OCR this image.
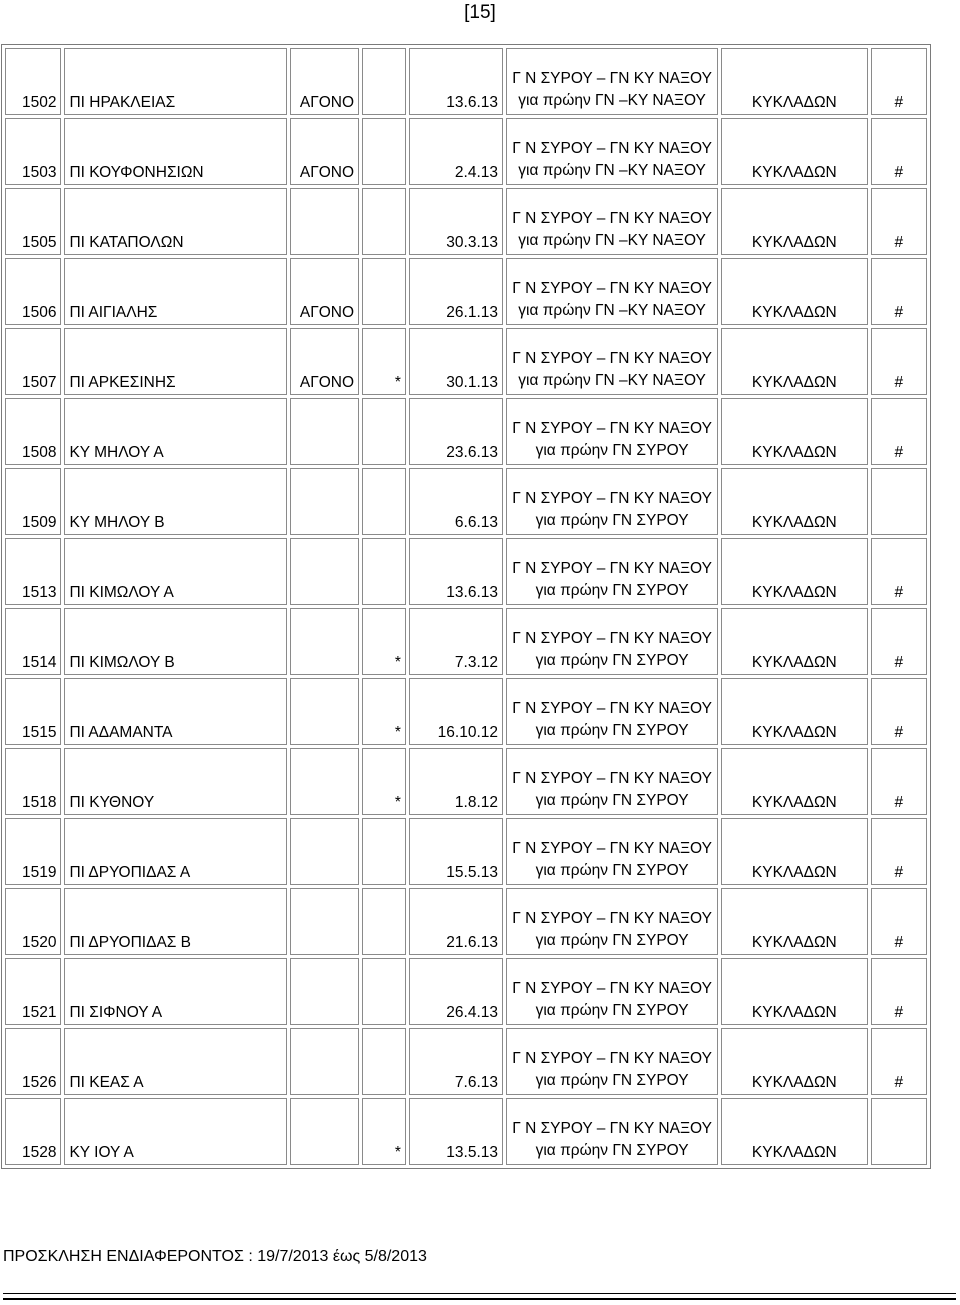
[15]
1502	ΠΙ ΗΡΑΚΛΕΙΑΣ	ΑΓΟΝΟ		13.6.13	Γ Ν ΣΥΡΟΥ – ΓΝ ΚΥ ΝΑΞΟΥ
για πρώην ΓΝ –ΚΥ ΝΑΞΟΥ	ΚΥΚΛΑΔΩΝ	#
1503	ΠΙ ΚΟΥΦΟΝΗΣΙΩΝ	ΑΓΟΝΟ		2.4.13	Γ Ν ΣΥΡΟΥ – ΓΝ ΚΥ ΝΑΞΟΥ
για πρώην ΓΝ –ΚΥ ΝΑΞΟΥ	ΚΥΚΛΑΔΩΝ	#
1505	ΠΙ ΚΑΤΑΠΟΛΩΝ			30.3.13	Γ Ν ΣΥΡΟΥ – ΓΝ ΚΥ ΝΑΞΟΥ
για πρώην ΓΝ –ΚΥ ΝΑΞΟΥ	ΚΥΚΛΑΔΩΝ	#
1506	ΠΙ ΑΙΓΙΑΛΗΣ	ΑΓΟΝΟ		26.1.13	Γ Ν ΣΥΡΟΥ – ΓΝ ΚΥ ΝΑΞΟΥ
για πρώην ΓΝ –ΚΥ ΝΑΞΟΥ	ΚΥΚΛΑΔΩΝ	#
1507	ΠΙ ΑΡΚΕΣΙΝΗΣ	ΑΓΟΝΟ	*	30.1.13	Γ Ν ΣΥΡΟΥ – ΓΝ ΚΥ ΝΑΞΟΥ
για πρώην ΓΝ –ΚΥ ΝΑΞΟΥ	ΚΥΚΛΑΔΩΝ	#
1508	ΚΥ ΜΗΛΟΥ Α			23.6.13	Γ Ν ΣΥΡΟΥ – ΓΝ ΚΥ ΝΑΞΟΥ
για πρώην ΓΝ ΣΥΡΟΥ	ΚΥΚΛΑΔΩΝ	#
1509	ΚΥ ΜΗΛΟΥ Β			6.6.13	Γ Ν ΣΥΡΟΥ – ΓΝ ΚΥ ΝΑΞΟΥ
για πρώην ΓΝ ΣΥΡΟΥ	ΚΥΚΛΑΔΩΝ	
1513	ΠΙ ΚΙΜΩΛΟΥ Α			13.6.13	Γ Ν ΣΥΡΟΥ – ΓΝ ΚΥ ΝΑΞΟΥ
για πρώην ΓΝ ΣΥΡΟΥ	ΚΥΚΛΑΔΩΝ	#
1514	ΠΙ ΚΙΜΩΛΟΥ Β		*	7.3.12	Γ Ν ΣΥΡΟΥ – ΓΝ ΚΥ ΝΑΞΟΥ
για πρώην ΓΝ ΣΥΡΟΥ	ΚΥΚΛΑΔΩΝ	#
1515	ΠΙ ΑΔΑΜΑΝΤΑ		*	16.10.12	Γ Ν ΣΥΡΟΥ – ΓΝ ΚΥ ΝΑΞΟΥ
για πρώην ΓΝ ΣΥΡΟΥ	ΚΥΚΛΑΔΩΝ	#
1518	ΠΙ ΚΥΘΝΟΥ		*	1.8.12	Γ Ν ΣΥΡΟΥ – ΓΝ ΚΥ ΝΑΞΟΥ
για πρώην ΓΝ ΣΥΡΟΥ	ΚΥΚΛΑΔΩΝ	#
1519	ΠΙ ΔΡΥΟΠΙΔΑΣ Α			15.5.13	Γ Ν ΣΥΡΟΥ – ΓΝ ΚΥ ΝΑΞΟΥ
για πρώην ΓΝ ΣΥΡΟΥ	ΚΥΚΛΑΔΩΝ	#
1520	ΠΙ ΔΡΥΟΠΙΔΑΣ Β			21.6.13	Γ Ν ΣΥΡΟΥ – ΓΝ ΚΥ ΝΑΞΟΥ
για πρώην ΓΝ ΣΥΡΟΥ	ΚΥΚΛΑΔΩΝ	#
1521	ΠΙ ΣΙΦΝΟΥ Α			26.4.13	Γ Ν ΣΥΡΟΥ – ΓΝ ΚΥ ΝΑΞΟΥ
για πρώην ΓΝ ΣΥΡΟΥ	ΚΥΚΛΑΔΩΝ	#
1526	ΠΙ ΚΕΑΣ Α			7.6.13	Γ Ν ΣΥΡΟΥ – ΓΝ ΚΥ ΝΑΞΟΥ
για πρώην ΓΝ ΣΥΡΟΥ	ΚΥΚΛΑΔΩΝ	#
1528	ΚΥ ΙΟΥ Α		*	13.5.13	Γ Ν ΣΥΡΟΥ – ΓΝ ΚΥ ΝΑΞΟΥ
για πρώην ΓΝ ΣΥΡΟΥ	ΚΥΚΛΑΔΩΝ	
ΠΡΟΣΚΛΗΣΗ ΕΝΔΙΑΦΕΡΟΝΤΟΣ : 19/7/2013 έως 5/8/2013
